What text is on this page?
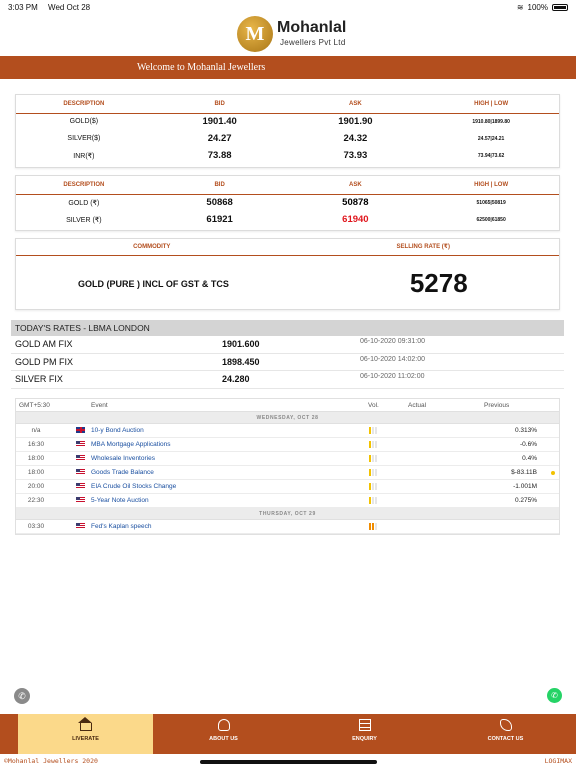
3:03 PM Wed Oct 28	≋ 100%
M Mohanlal
Jewellers Pvt Ltd
Welcome to Mohanlal Jewellers
DESCRIPTION	BID	ASK	HIGH | LOW
GOLD($)	1901.40	1901.90	1910.80|1899.80
SILVER($)	24.27	24.32	24.57|24.21
INR(₹)	73.88	73.93	73.94|73.62
DESCRIPTION	BID	ASK	HIGH | LOW
GOLD (₹)	50868	50878	51065|50819
SILVER (₹)	61921	61940	62500|61850
COMMODITY	SELLING RATE (₹)
GOLD (PURE ) INCL OF GST & TCS	5278
TODAY'S RATES - LBMA LONDON
GOLD AM FIX	1901.600	06-10-2020 09:31:00
GOLD PM FIX	1898.450	06-10-2020 14:02:00
SILVER FIX	24.280	06-10-2020 11:02:00
GMT+5:30	Event	Vol.	Actual	Previous
WEDNESDAY, OCT 28
n/a	10-y Bond Auction	0.313%
16:30	MBA Mortgage Applications	-0.6%
18:00	Wholesale Inventories	0.4%
18:00	Goods Trade Balance	$-83.11B
20:00	EIA Crude Oil Stocks Change	-1.001M
22:30	5-Year Note Auction	0.275%
THURSDAY, OCT 29
03:30	Fed's Kaplan speech
✆	✆
LIVERATE	ABOUT US	ENQUIRY	CONTACT US
©Mohanlal Jewellers 2020	LOGIMAX
